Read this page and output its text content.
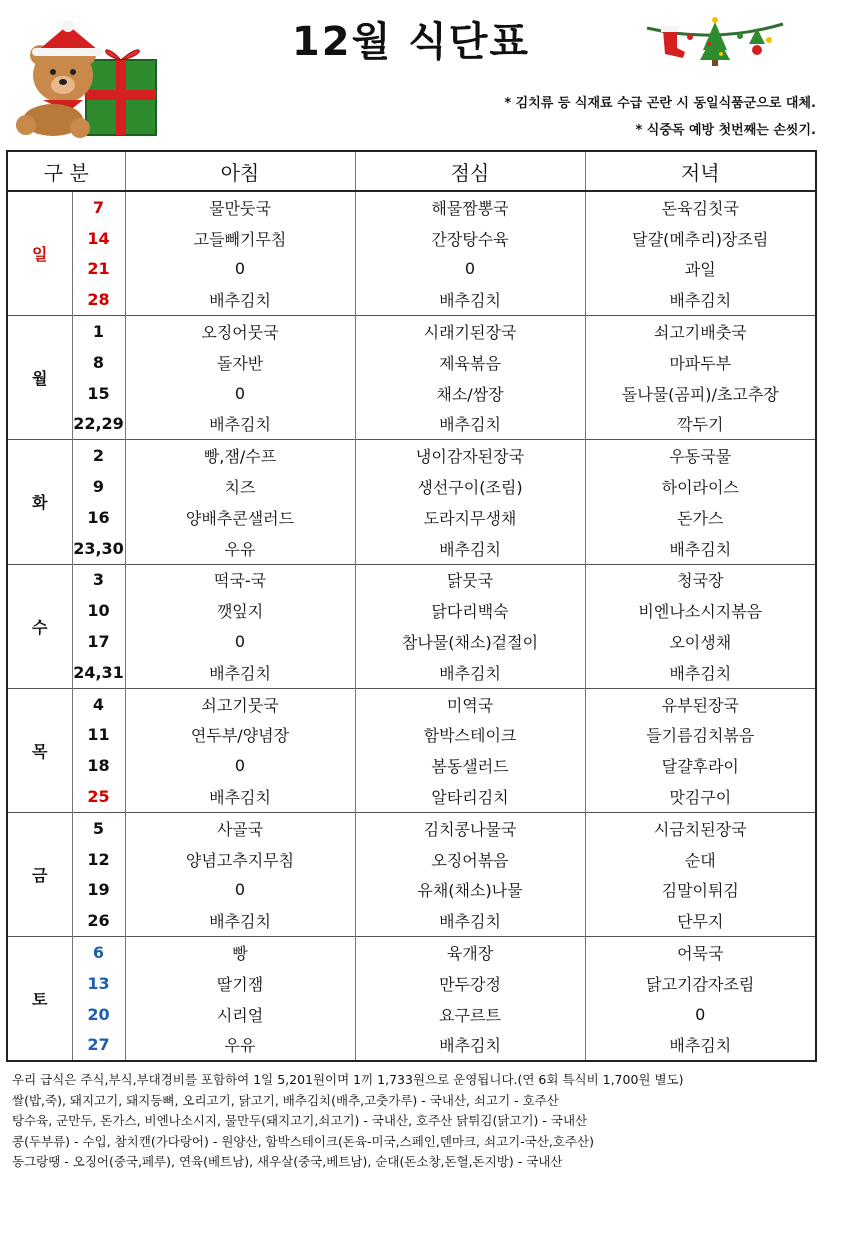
12월 식단표
* 김치류 등 식재료 수급 곤란 시 동일식품군으로 대체.
* 식중독 예방 첫번째는 손씻기.
구 분		아침	점심	저녁
일	7	물만둣국	해물짬뽕국	돈육김칫국
	14	고들빼기무침	간장탕수육	달걀(메추리)장조림
	21	0	0	과일
	28	배추김치	배추김치	배추김치
월	1	오징어뭇국	시래기된장국	쇠고기배춧국
	8	돌자반	제육볶음	마파두부
	15	0	채소/쌈장	돌나물(곰피)/초고추장
	22,29	배추김치	배추김치	깍두기
화	2	빵,잼/수프	냉이감자된장국	우동국물
	9	치즈	생선구이(조림)	하이라이스
	16	양배추콘샐러드	도라지무생채	돈가스
	23,30	우유	배추김치	배추김치
수	3	떡국-국	닭뭇국	청국장
	10	깻잎지	닭다리백숙	비엔나소시지볶음
	17	0	참나물(채소)겉절이	오이생채
	24,31	배추김치	배추김치	배추김치
목	4	쇠고기뭇국	미역국	유부된장국
	11	연두부/양념장	함박스테이크	들기름김치볶음
	18	0	봄동샐러드	달걀후라이
	25	배추김치	알타리김치	맛김구이
금	5	사골국	김치콩나물국	시금치된장국
	12	양념고추지무침	오징어볶음	순대
	19	0	유채(채소)나물	김말이튀김
	26	배추김치	배추김치	단무지
토	6	빵	육개장	어묵국
	13	딸기잼	만두강정	닭고기감자조림
	20	시리얼	요구르트	0
	27	우유	배추김치	배추김치
우리 급식은 주식,부식,부대경비를 포함하여 1일 5,201원이며 1끼 1,733원으로 운영됩니다.(연 6회 특식비 1,700원 별도)
쌀(밥,죽), 돼지고기, 돼지등뼈, 오리고기, 닭고기, 배추김치(배추,고춧가루) - 국내산, 쇠고기 - 호주산
탕수육, 군만두, 돈가스, 비엔나소시지, 물만두(돼지고기,쇠고기) - 국내산, 호주산 닭튀김(닭고기) - 국내산
콩(두부류) - 수입, 참치캔(가다랑어) - 원양산, 함박스테이크(돈육-미국,스페인,덴마크, 쇠고기-국산,호주산)
동그랑땡 - 오징어(중국,페루), 연육(베트남), 새우살(중국,베트남), 순대(돈소창,돈혈,돈지방) - 국내산
